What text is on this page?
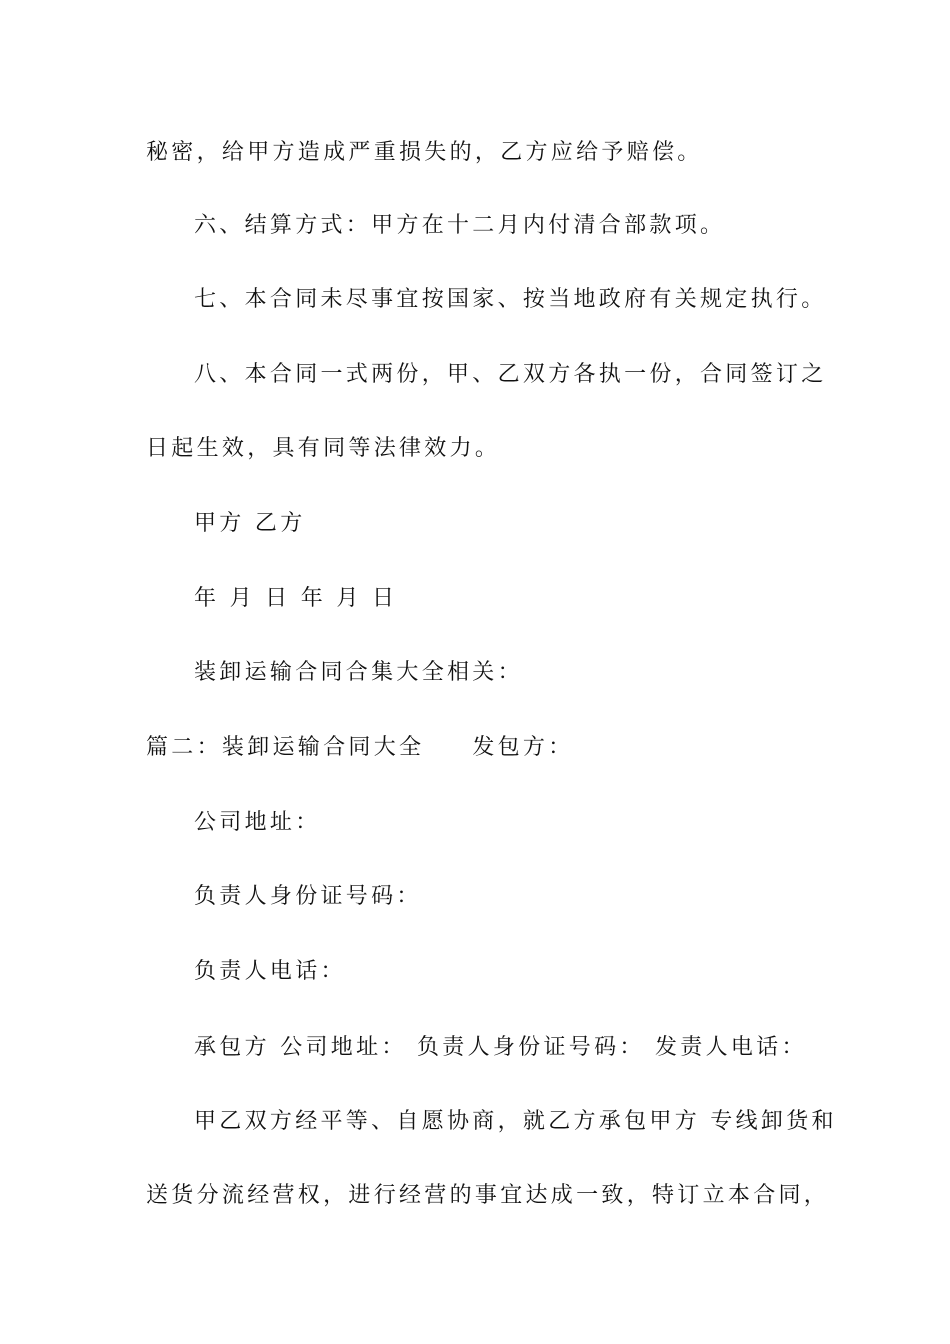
秘密，给甲方造成严重损失的，乙方应给予赔偿。
六、结算方式：甲方在十二月内付清合部款项。
七、本合同未尽事宜按国家、按当地政府有关规定执行。
八、本合同一式两份，甲、乙双方各执一份，合同签订之
日起生效，具有同等法律效力。
甲方 乙方
年 月 日 年 月 日
装卸运输合同合集大全相关：
篇二：装卸运输合同大全 发包方：
公司地址：
负责人身份证号码：
负责人电话：
承包方 公司地址： 负责人身份证号码： 发责人电话：
甲乙双方经平等、自愿协商，就乙方承包甲方 专线卸货和
送货分流经营权，进行经营的事宜达成一致，特订立本合同，
